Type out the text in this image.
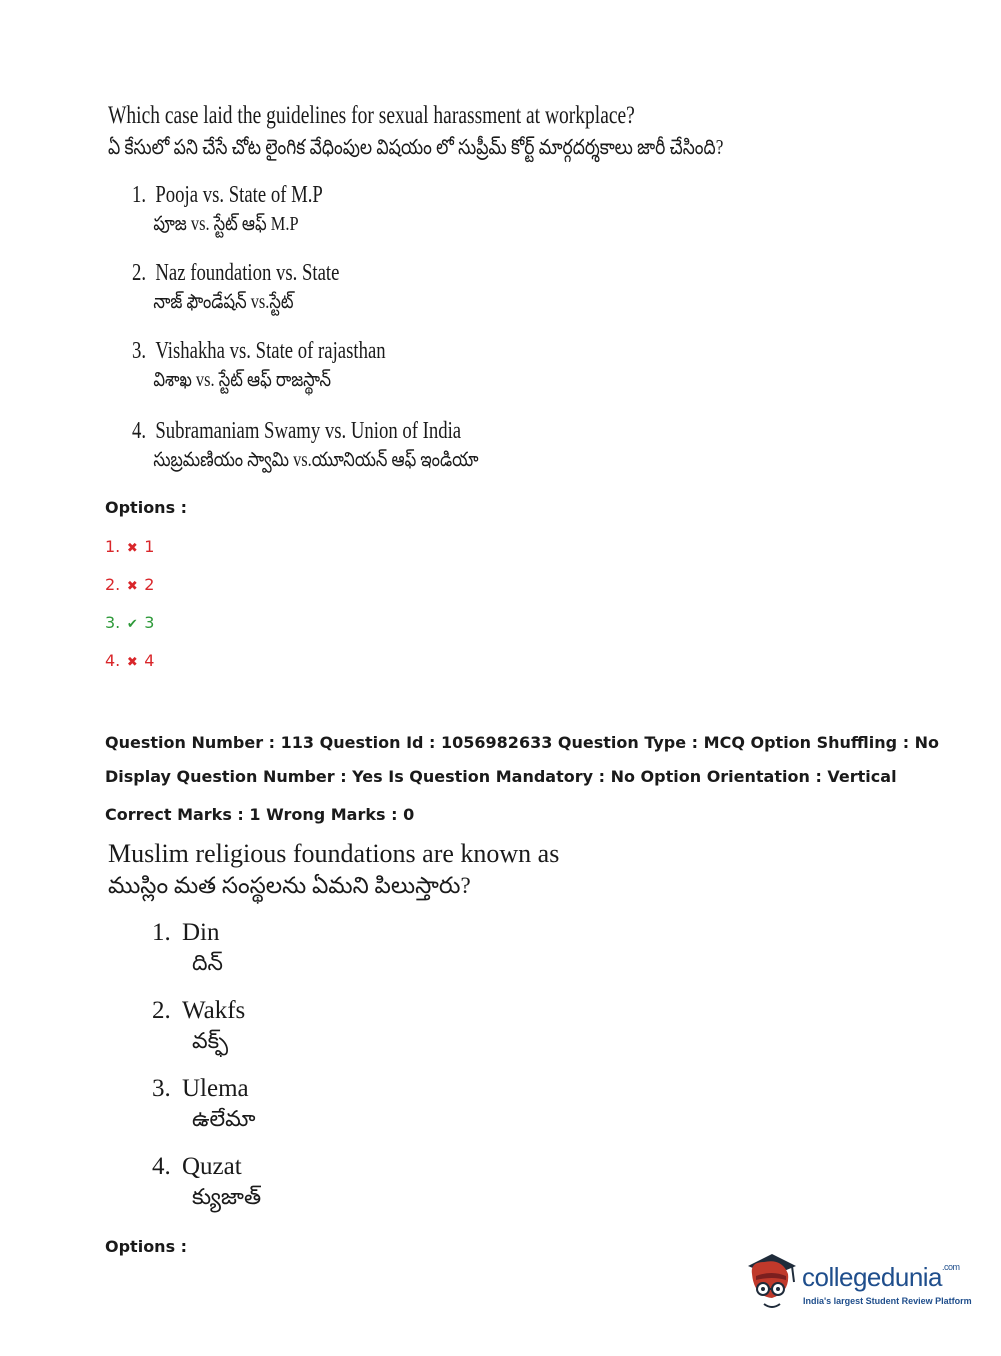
Which case laid the guidelines for sexual harassment at workplace?
ఏ కేసులో పని చేసే చోట లైంగిక వేధింపుల విషయం లో సుప్రీమ్ కోర్ట్ మార్గదర్శకాలు జారీ చేసింది?
1. Pooja vs. State of M.P
పూజ vs. స్టేట్ ఆఫ్ M.P
2. Naz foundation vs. State
నాజ్ ఫౌండేషన్ vs.స్టేట్
3. Vishakha vs. State of rajasthan
విశాఖ vs. స్టేట్ ఆఫ్ రాజస్థాన్
4. Subramaniam Swamy vs. Union of India
సుబ్రమణియం స్వామి vs.యూనియన్ ఆఫ్ ఇండియా
Options :
1. ✖ 1
2. ✖ 2
3. ✔ 3
4. ✖ 4
Question Number : 113 Question Id : 1056982633 Question Type : MCQ Option Shuffling : No
Display Question Number : Yes Is Question Mandatory : No Option Orientation : Vertical
Correct Marks : 1 Wrong Marks : 0
Muslim religious foundations are known as
ముస్లిం మత సంస్థలను ఏమని పిలుస్తారు?
1. Din
దిన్
2. Wakfs
వక్ఫ్
3. Ulema
ఉలేమా
4. Quzat
క్యుజాత్
Options :
collegedunia$^{.com}$
India's largest Student Review Platform
